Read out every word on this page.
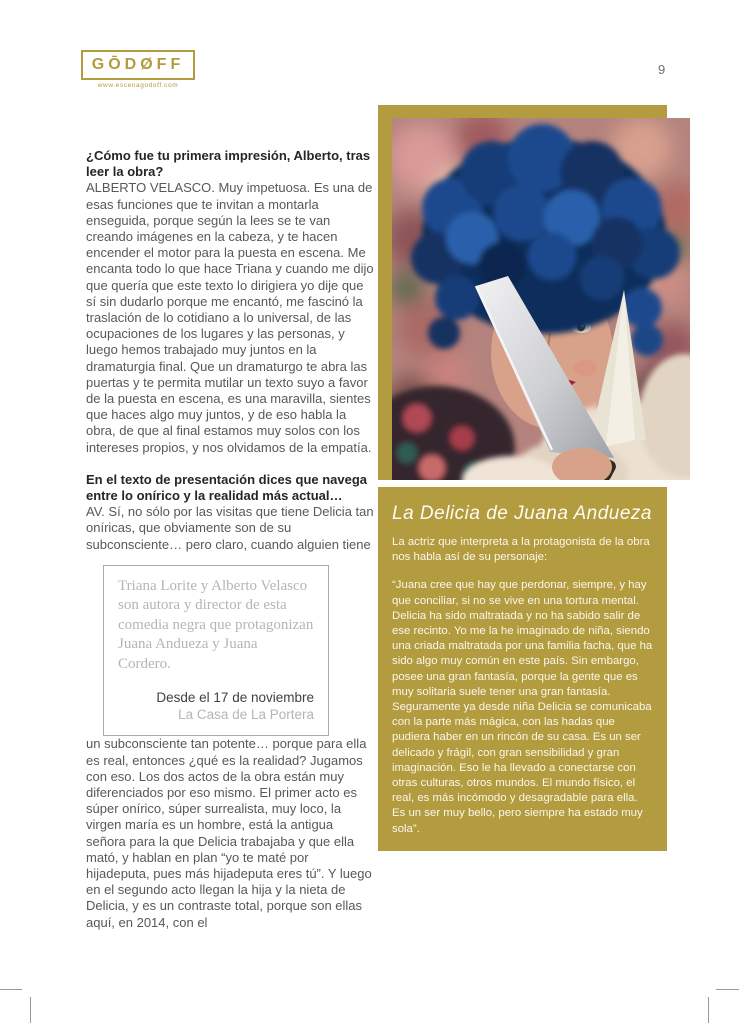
GŌDØFF
www.escenagodoff.com
9

¿Cómo fue tu primera impresión, Alberto, tras leer la obra?

ALBERTO VELASCO. Muy impetuosa. Es una de esas funciones que te invitan a montarla enseguida, porque según la lees se te van creando imágenes en la cabeza, y te hacen encender el motor para la puesta en escena. Me encanta todo lo que hace Triana y cuando me dijo que quería que este texto lo dirigiera yo dije que sí sin dudarlo porque me encantó, me fascinó la traslación de lo cotidiano a lo universal, de las ocupaciones de los lugares y las personas, y luego hemos trabajado muy juntos en la dramaturgia final. Que un dramaturgo te abra las puertas y te permita mutilar un texto suyo a favor de la puesta en escena, es una maravilla, sientes que haces algo muy juntos, y de eso habla la obra, de que al final estamos muy solos con los intereses propios, y nos olvidamos de la empatía.

En el texto de presentación dices que navega entre lo onírico y la realidad más actual…

AV. Sí, no sólo por las visitas que tiene Delicia tan oníricas, que obviamente son de su subconsciente… pero claro, cuando alguien tiene

Triana Lorite y Alberto Velasco son autora y director de esta comedia negra que protagonizan Juana Andueza y Juana Cordero.
Desde el 17 de noviembre
La Casa de La Portera

un subconsciente tan potente… porque para ella es real, entonces ¿qué es la realidad? Jugamos con eso. Los dos actos de la obra están muy diferenciados por eso mismo. El primer acto es súper onírico, súper surrealista, muy loco, la virgen maría es un hombre, está la antigua señora para la que Delicia trabajaba y que ella mató, y hablan en plan “yo te maté por hijadeputa, pues más hijadeputa eres tú”. Y luego en el segundo acto llegan la hija y la nieta de Delicia, y es un contraste total, porque son ellas aquí, en 2014, con el

La Delicia de Juana Andueza
La actriz que interpreta a la protagonista de la obra nos habla así de su personaje:
“Juana cree que hay que perdonar, siempre, y hay que conciliar, si no se vive en una tortura mental. Delicia ha sido maltratada y no ha sabido salir de ese recinto. Yo me la he imaginado de niña, siendo una criada maltratada por una familia facha, que ha sido algo muy común en este país. Sin embargo, posee una gran fantasía, porque la gente que es muy solitaria suele tener una gran fantasía. Seguramente ya desde niña Delicia se comunicaba con la parte más mágica, con las hadas que pudiera haber en un rincón de su casa. Es un ser delicado y frágil, con gran sensibilidad y gran imaginación. Eso le ha llevado a conectarse con otras culturas, otros mundos. El mundo físico, el real, es más incómodo y desagradable para ella. Es un ser muy bello, pero siempre ha estado muy sola”.
